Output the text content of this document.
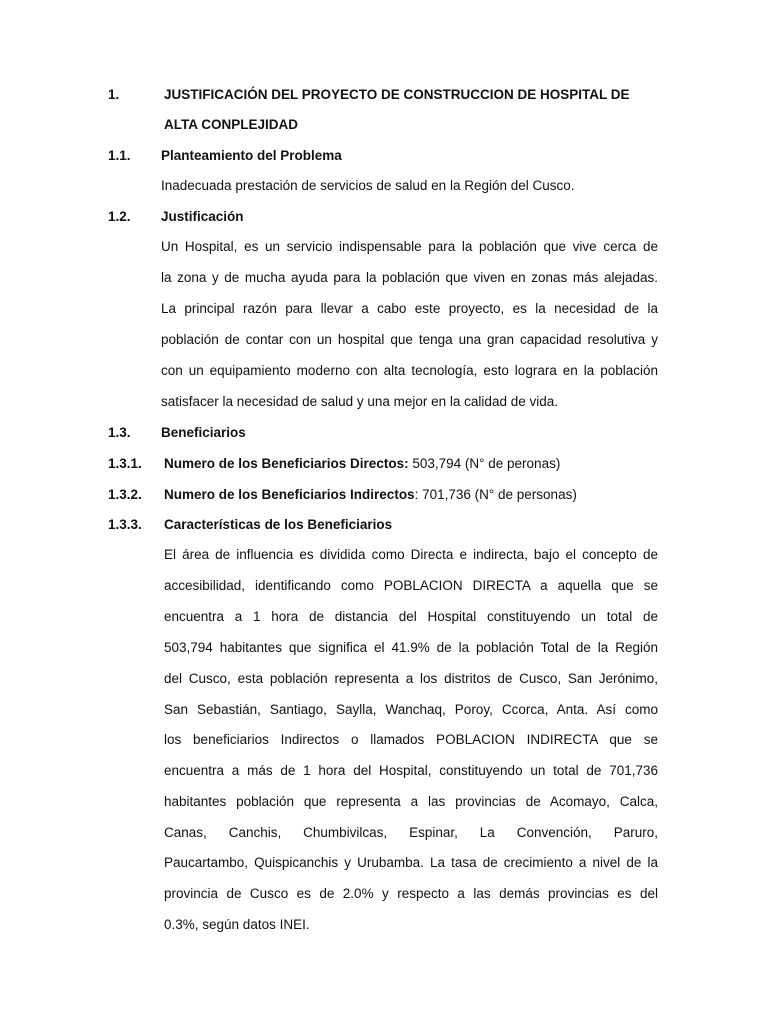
1.	JUSTIFICACIÓN DEL PROYECTO DE CONSTRUCCION DE HOSPITAL DE
ALTA CONPLEJIDAD
1.1. Planteamiento del Problema
Inadecuada prestación de servicios de salud en la Región del Cusco.
1.2. Justificación
Un Hospital, es un servicio indispensable para la población que vive cerca de
la zona y de mucha ayuda para la población que viven en zonas más alejadas.
La principal razón para llevar a cabo este proyecto, es la necesidad de la
población de contar con un hospital que tenga una gran capacidad resolutiva y
con un equipamiento moderno con alta tecnología, esto lograra en la población
satisfacer la necesidad de salud y una mejor en la calidad de vida.
1.3. Beneficiarios
1.3.1. Numero de los Beneficiarios Directos: 503,794 (N° de peronas)
1.3.2. Numero de los Beneficiarios Indirectos: 701,736 (N° de personas)
1.3.3. Características de los Beneficiarios
El área de influencia es dividida como Directa e indirecta, bajo el concepto de
accesibilidad, identificando como POBLACION DIRECTA a aquella que se
encuentra a 1 hora de distancia del Hospital constituyendo un total de
503,794 habitantes que significa el 41.9% de la población Total de la Región
del Cusco, esta población representa a los distritos de Cusco, San Jerónimo,
San Sebastián, Santiago, Saylla, Wanchaq, Poroy, Ccorca, Anta. Así como
los beneficiarios Indirectos o llamados POBLACION INDIRECTA que se
encuentra a más de 1 hora del Hospital, constituyendo un total de 701,736
habitantes población que representa a las provincias de Acomayo, Calca,
Canas, Canchis, Chumbivilcas, Espinar, La Convención, Paruro,
Paucartambo, Quispicanchis y Urubamba. La tasa de crecimiento a nivel de la
provincia de Cusco es de 2.0% y respecto a las demás provincias es del
0.3%, según datos INEI.
